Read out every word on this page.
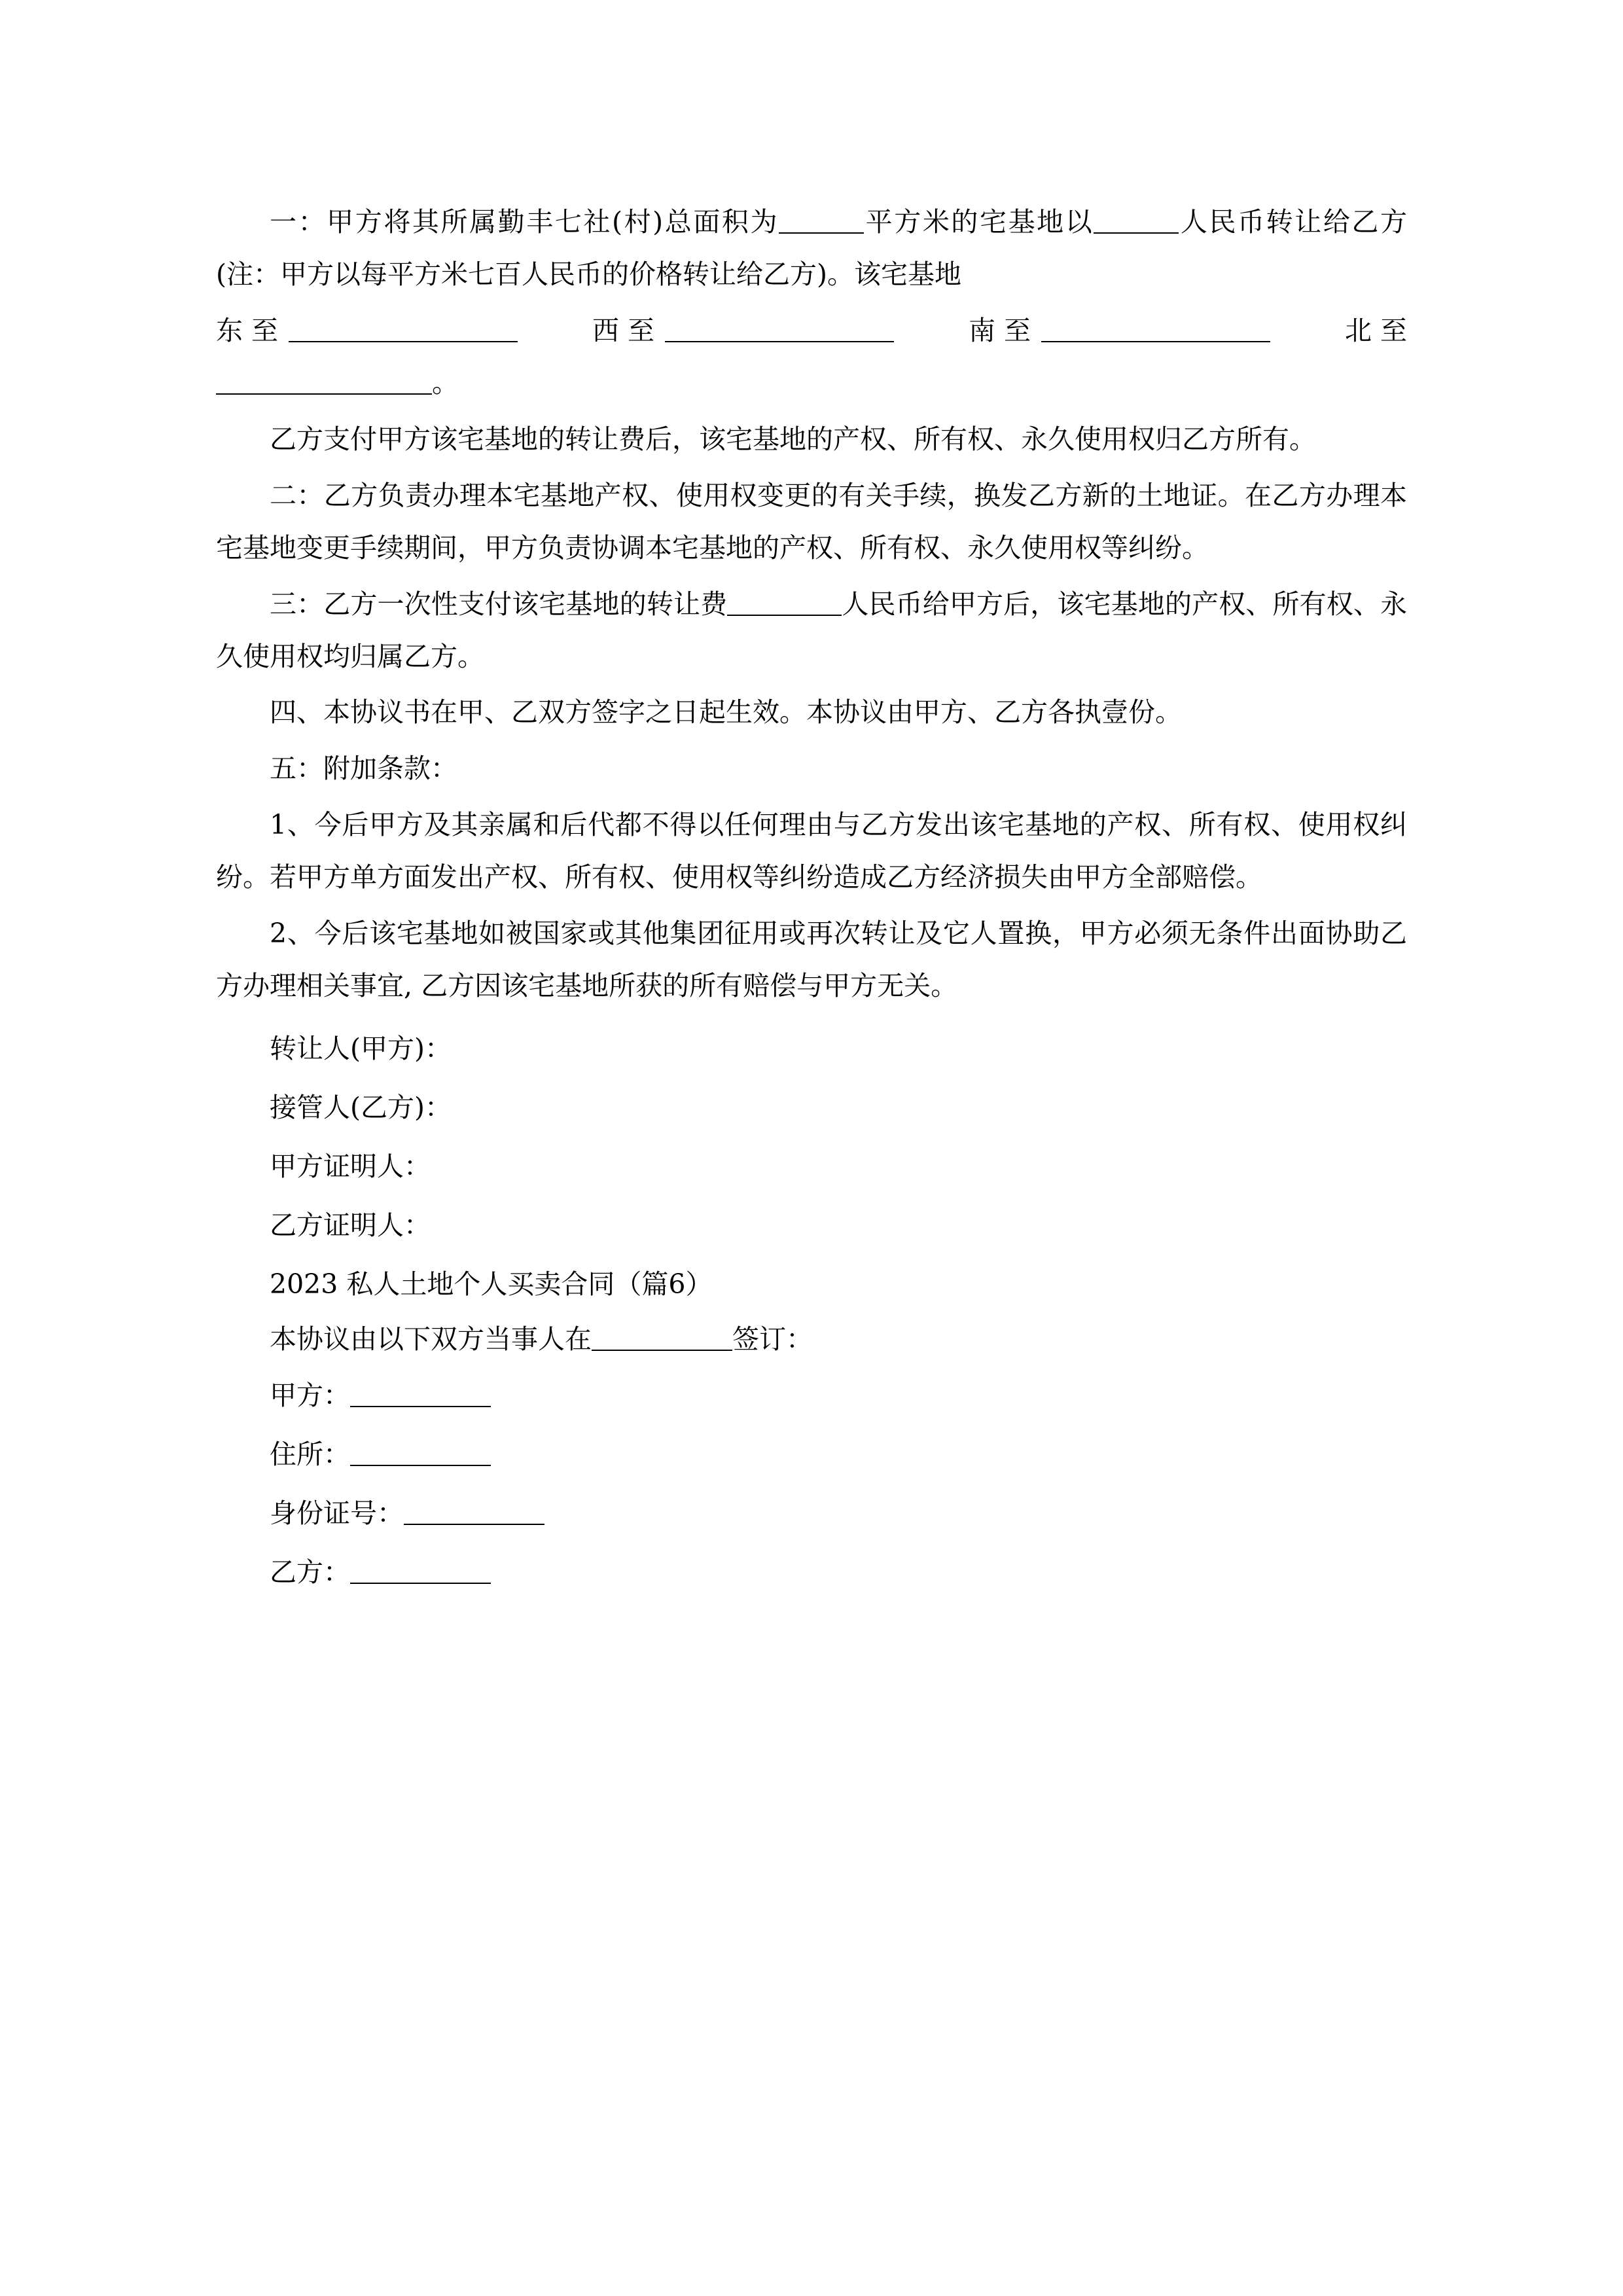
一：甲方将其所属勤丰七社(村)总面积为	平方米的宅基地以	人民币转让给乙方(注：甲方以每平方米七百人民币的价格转让给乙方)。该宅基地

东 至	西 至	南 至	北 至

。

乙方支付甲方该宅基地的转让费后，该宅基地的产权、所有权、永久使用权归乙方所有。

二：乙方负责办理本宅基地产权、使用权变更的有关手续，换发乙方新的土地证。在乙方办理本宅基地变更手续期间，甲方负责协调本宅基地的产权、所有权、永久使用权等纠纷。

三：乙方一次性支付该宅基地的转让费	人民币给甲方后，该宅基地的产权、所有权、永久使用权均归属乙方。

四、本协议书在甲、乙双方签字之日起生效。本协议由甲方、乙方各执壹份。

五：附加条款：

1、今后甲方及其亲属和后代都不得以任何理由与乙方发出该宅基地的产权、所有权、使用权纠纷。若甲方单方面发出产权、所有权、使用权等纠纷造成乙方经济损失由甲方全部赔偿。

2、今后该宅基地如被国家或其他集团征用或再次转让及它人置换，甲方必须无条件出面协助乙方办理相关事宜, 乙方因该宅基地所获的所有赔偿与甲方无关。

转让人(甲方)：

接管人(乙方)：

甲方证明人：

乙方证明人：

2023 私人土地个人买卖合同（篇6）

本协议由以下双方当事人在	签订：

甲方：

住所：

身份证号：

乙方：
